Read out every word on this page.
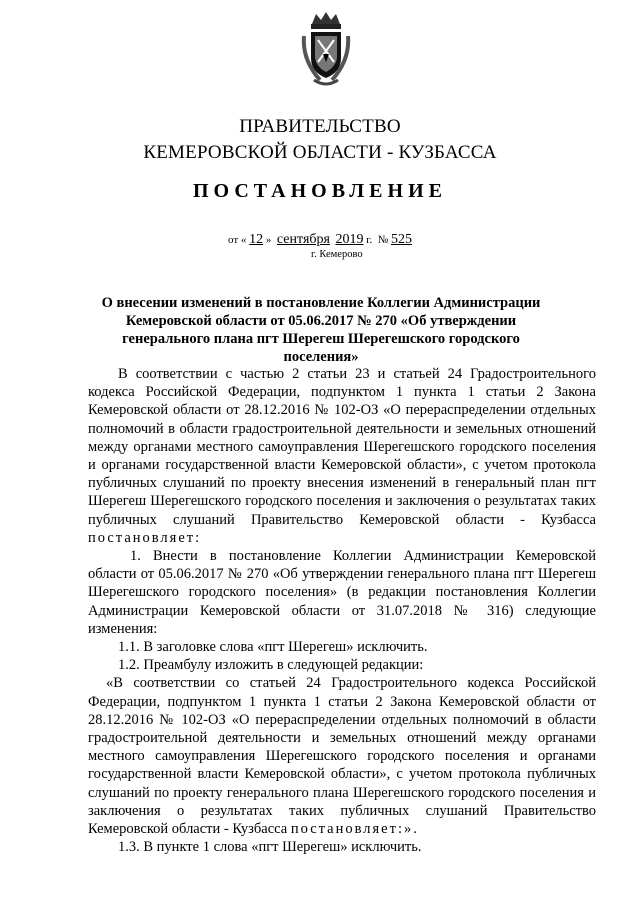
ПРАВИТЕЛЬСТВО
КЕМЕРОВСКОЙ ОБЛАСТИ - КУЗБАССА
ПОСТАНОВЛЕНИЕ
от « 12 » сентября 2019 г. № 525
г. Кемерово
О внесении изменений в постановление Коллегии Администрации Кемеровской области от 05.06.2017 № 270 «Об утверждении генерального плана пгт Шерегеш Шерегешского городского поселения»

В соответствии с частью 2 статьи 23 и статьей 24 Градостроительного кодекса Российской Федерации, подпунктом 1 пункта 1 статьи 2 Закона Кемеровской области от 28.12.2016 № 102-ОЗ «О перераспределении отдельных полномочий в области градостроительной деятельности и земельных отношений между органами местного самоуправления Шерегешского городского поселения и органами государственной власти Кемеровской области», с учетом протокола публичных слушаний по проекту внесения изменений в генеральный план пгт Шерегеш Шерегешского городского поселения и заключения о результатах таких публичных слушаний Правительство Кемеровской области - Кузбасса постановляет:

1. Внести в постановление Коллегии Администрации Кемеровской области от 05.06.2017 № 270 «Об утверждении генерального плана пгт Шерегеш Шерегешского городского поселения» (в редакции постановления Коллегии Администрации Кемеровской области от 31.07.2018 № 316) следующие изменения:

1.1. В заголовке слова «пгт Шерегеш» исключить.

1.2. Преамбулу изложить в следующей редакции:

«В соответствии со статьей 24 Градостроительного кодекса Российской Федерации, подпунктом 1 пункта 1 статьи 2 Закона Кемеровской области от 28.12.2016 № 102-ОЗ «О перераспределении отдельных полномочий в области градостроительной деятельности и земельных отношений между органами местного самоуправления Шерегешского городского поселения и органами государственной власти Кемеровской области», с учетом протокола публичных слушаний по проекту генерального плана Шерегешского городского поселения и заключения о результатах таких публичных слушаний Правительство Кемеровской области - Кузбасса постановляет:».

1.3. В пункте 1 слова «пгт Шерегеш» исключить.
